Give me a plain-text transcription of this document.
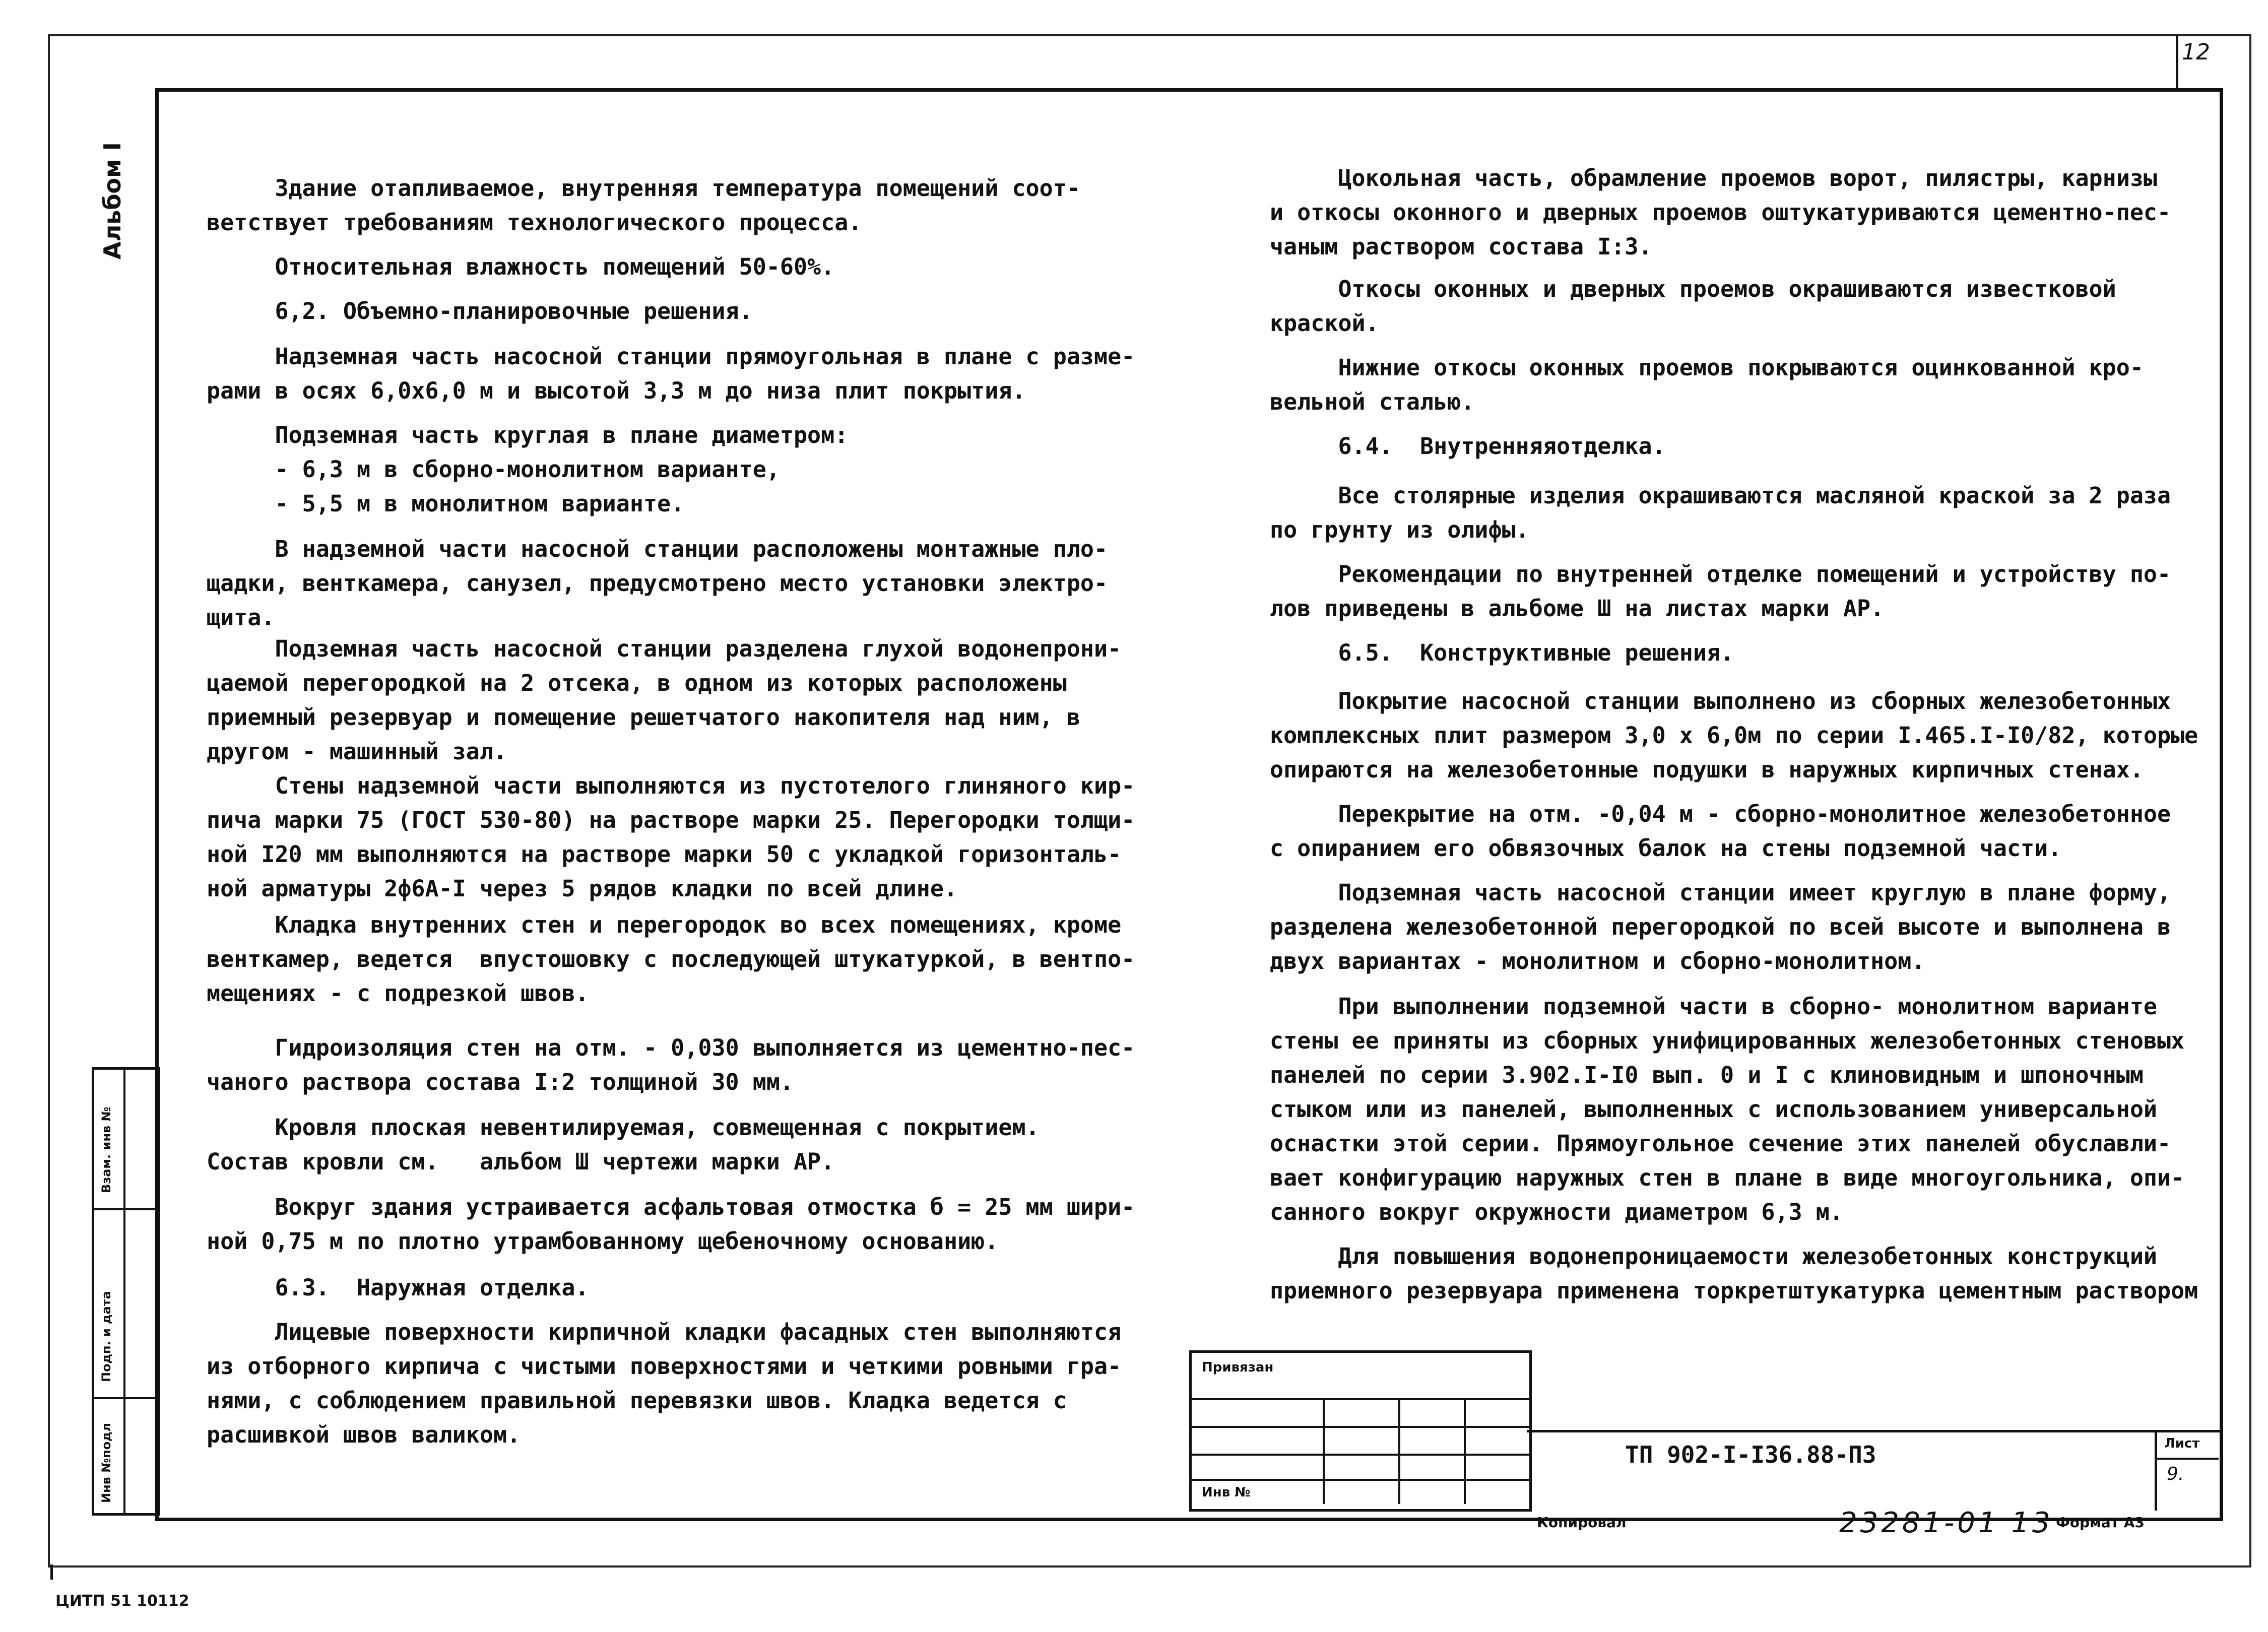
12
Альбом I
Взам. инв №
Подп. и дата
Инв №подл
Здание отапливаемое, внутренняя температура помещений соот-
ветствует требованиям технологического процесса.
Относительная влажность помещений 50-60%.
6,2. Объемно-планировочные решения.
Надземная часть насосной станции прямоугольная в плане с разме-
рами в осях 6,0х6,0 м и высотой 3,3 м до низа плит покрытия.
Подземная часть круглая в плане диаметром:
- 6,3 м в сборно-монолитном варианте,
- 5,5 м в монолитном варианте.
В надземной части насосной станции расположены монтажные пло-
щадки, венткамера, санузел, предусмотрено место установки электро-
щита.
Подземная часть насосной станции разделена глухой водонепрони-
цаемой перегородкой на 2 отсека, в одном из которых расположены
приемный резервуар и помещение решетчатого накопителя над ним, в
другом - машинный зал.
Стены надземной части выполняются из пустотелого глиняного кир-
пича марки 75 (ГОСТ 530-80) на растворе марки 25. Перегородки толщи-
ной I20 мм выполняются на растворе марки 50 с укладкой горизонталь-
ной арматуры 2ф6А-I через 5 рядов кладки по всей длине.
Кладка внутренних стен и перегородок во всех помещениях, кроме
венткамер, ведется  впустошовку с последующей штукатуркой, в вентпо-
мещениях - с подрезкой швов.
Гидроизоляция стен на отм. - 0,030 выполняется из цементно-пес-
чаного раствора состава I:2 толщиной 30 мм.
Кровля плоская невентилируемая, совмещенная с покрытием.
Состав кровли см.   альбом Ш чертежи марки АР.
Вокруг здания устраивается асфальтовая отмостка б = 25 мм шири-
ной 0,75 м по плотно утрамбованному щебеночному основанию.
6.3.  Наружная отделка.
Лицевые поверхности кирпичной кладки фасадных стен выполняются
из отборного кирпича с чистыми поверхностями и четкими ровными гра-
нями, с соблюдением правильной перевязки швов. Кладка ведется с
расшивкой швов валиком.
Цокольная часть, обрамление проемов ворот, пилястры, карнизы
и откосы оконного и дверных проемов оштукатуриваются цементно-пес-
чаным раствором состава I:3.
Откосы оконных и дверных проемов окрашиваются известковой
краской.
Нижние откосы оконных проемов покрываются оцинкованной кро-
вельной сталью.
6.4.  Внутренняяотделка.
Все столярные изделия окрашиваются масляной краской за 2 раза
по грунту из олифы.
Рекомендации по внутренней отделке помещений и устройству по-
лов приведены в альбоме Ш на листах марки АР.
6.5.  Конструктивные решения.
Покрытие насосной станции выполнено из сборных железобетонных
комплексных плит размером 3,0 х 6,0м по серии I.465.I-I0/82, которые
опираются на железобетонные подушки в наружных кирпичных стенах.
Перекрытие на отм. -0,04 м - сборно-монолитное железобетонное
с опиранием его обвязочных балок на стены подземной части.
Подземная часть насосной станции имеет круглую в плане форму,
разделена железобетонной перегородкой по всей высоте и выполнена в
двух вариантах - монолитном и сборно-монолитном.
При выполнении подземной части в сборно- монолитном варианте
стены ее приняты из сборных унифицированных железобетонных стеновых
панелей по серии 3.902.I-I0 вып. 0 и I с клиновидным и шпоночным
стыком или из панелей, выполненных с использованием универсальной
оснастки этой серии. Прямоугольное сечение этих панелей обуславли-
вает конфигурацию наружных стен в плане в виде многоугольника, опи-
санного вокруг окружности диаметром 6,3 м.
Для повышения водонепроницаемости железобетонных конструкций
приемного резервуара применена торкретштукатурка цементным раствором
Привязан
Инв №
ТП 902-I-I36.88-ПЗ	Лист
9.
Копировал	23281-01 13 Формат А3
ЦИТП 51 10112
